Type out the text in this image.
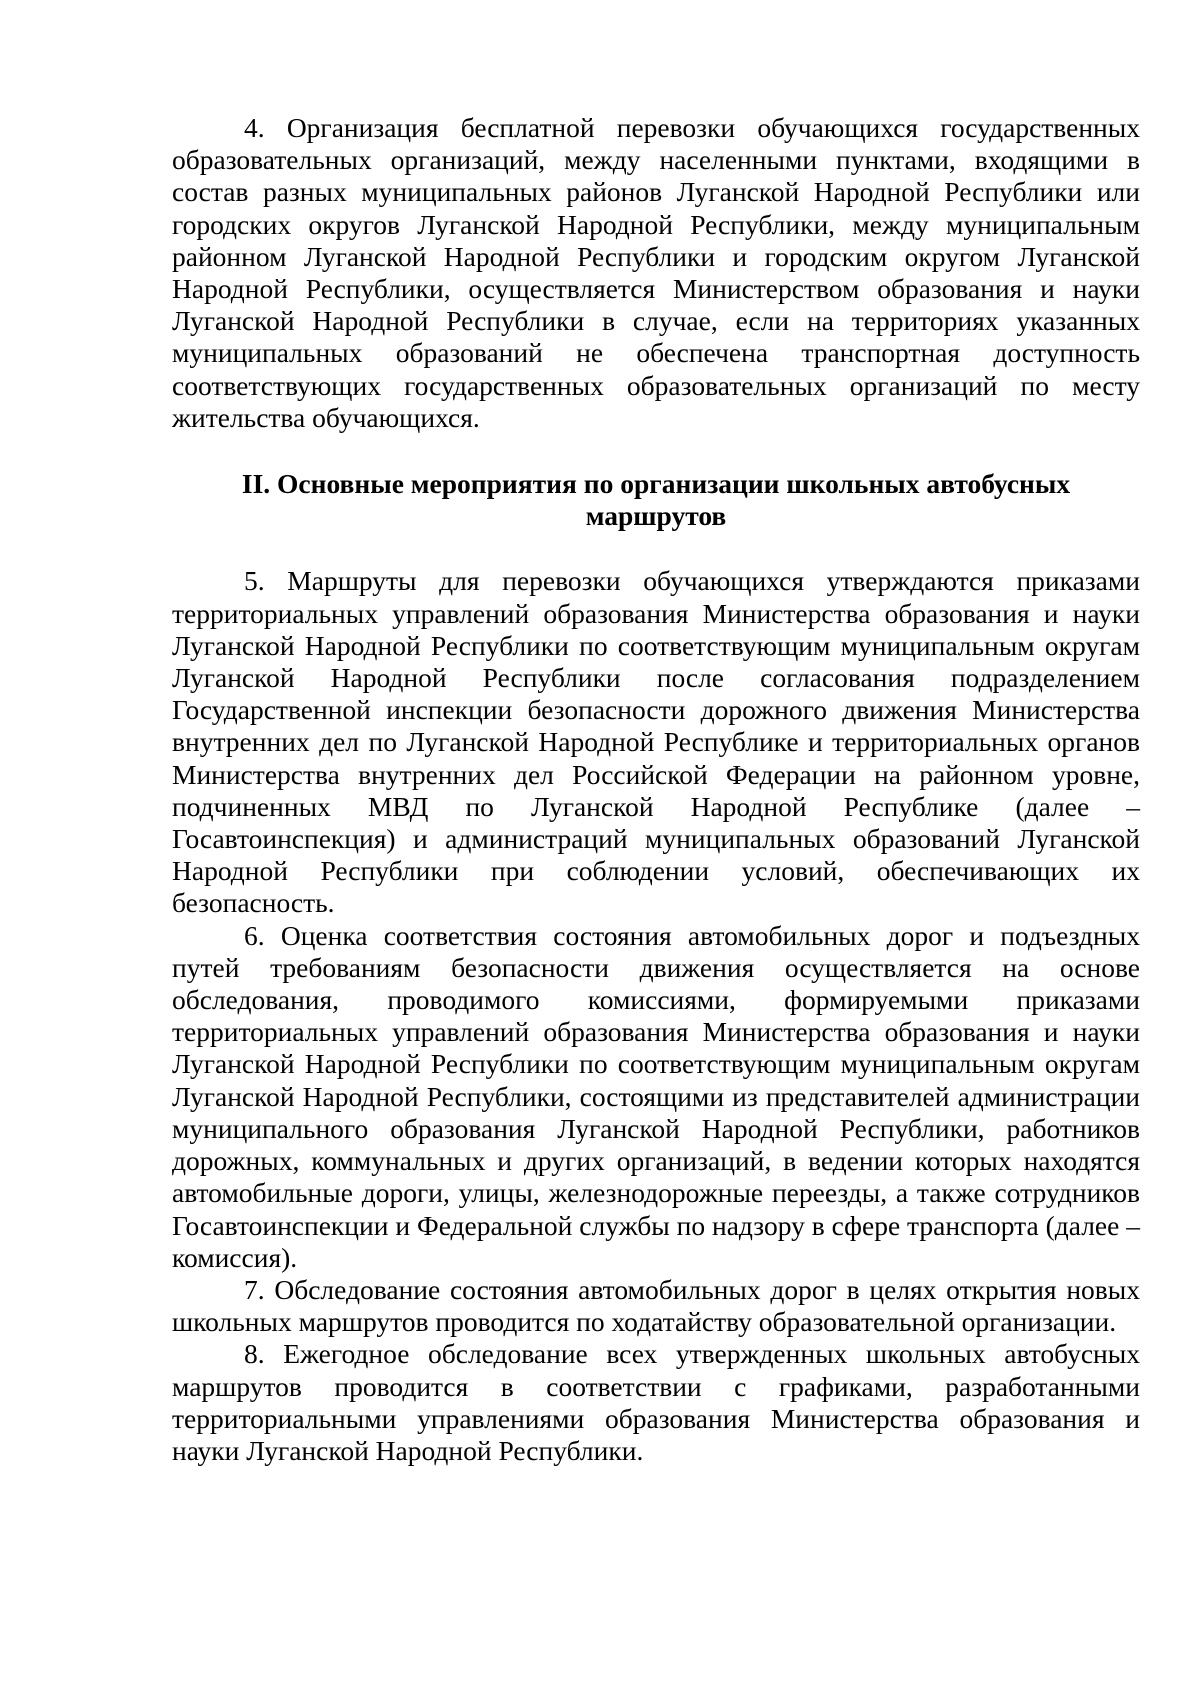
4. Организация бесплатной перевозки обучающихся государственных образовательных организаций, между населенными пунктами, входящими в состав разных муниципальных районов Луганской Народной Республики или городских округов Луганской Народной Республики, между муниципальным районном Луганской Народной Республики и городским округом Луганской Народной Республики, осуществляется Министерством образования и науки Луганской Народной Республики в случае, если на территориях указанных муниципальных образований не обеспечена транспортная доступность соответствующих государственных образовательных организаций по месту жительства обучающихся.

II. Основные мероприятия по организации школьных автобусных маршрутов

5. Маршруты для перевозки обучающихся утверждаются приказами территориальных управлений образования Министерства образования и науки Луганской Народной Республики по соответствующим муниципальным округам Луганской Народной Республики после согласования подразделением Государственной инспекции безопасности дорожного движения Министерства внутренних дел по Луганской Народной Республике и территориальных органов Министерства внутренних дел Российской Федерации на районном уровне, подчиненных МВД по Луганской Народной Республике (далее – Госавтоинспекция) и администраций муниципальных образований Луганской Народной Республики при соблюдении условий, обеспечивающих их безопасность.

6. Оценка соответствия состояния автомобильных дорог и подъездных путей требованиям безопасности движения осуществляется на основе обследования, проводимого комиссиями, формируемыми приказами территориальных управлений образования Министерства образования и науки Луганской Народной Республики по соответствующим муниципальным округам Луганской Народной Республики, состоящими из представителей администрации муниципального образования Луганской Народной Республики, работников дорожных, коммунальных и других организаций, в ведении которых находятся автомобильные дороги, улицы, железнодорожные переезды, а также сотрудников Госавтоинспекции и Федеральной службы по надзору в сфере транспорта (далее – комиссия).

7. Обследование состояния автомобильных дорог в целях открытия новых школьных маршрутов проводится по ходатайству образовательной организации.

8. Ежегодное обследование всех утвержденных школьных автобусных маршрутов проводится в соответствии с графиками, разработанными территориальными управлениями образования Министерства образования и науки Луганской Народной Республики.
